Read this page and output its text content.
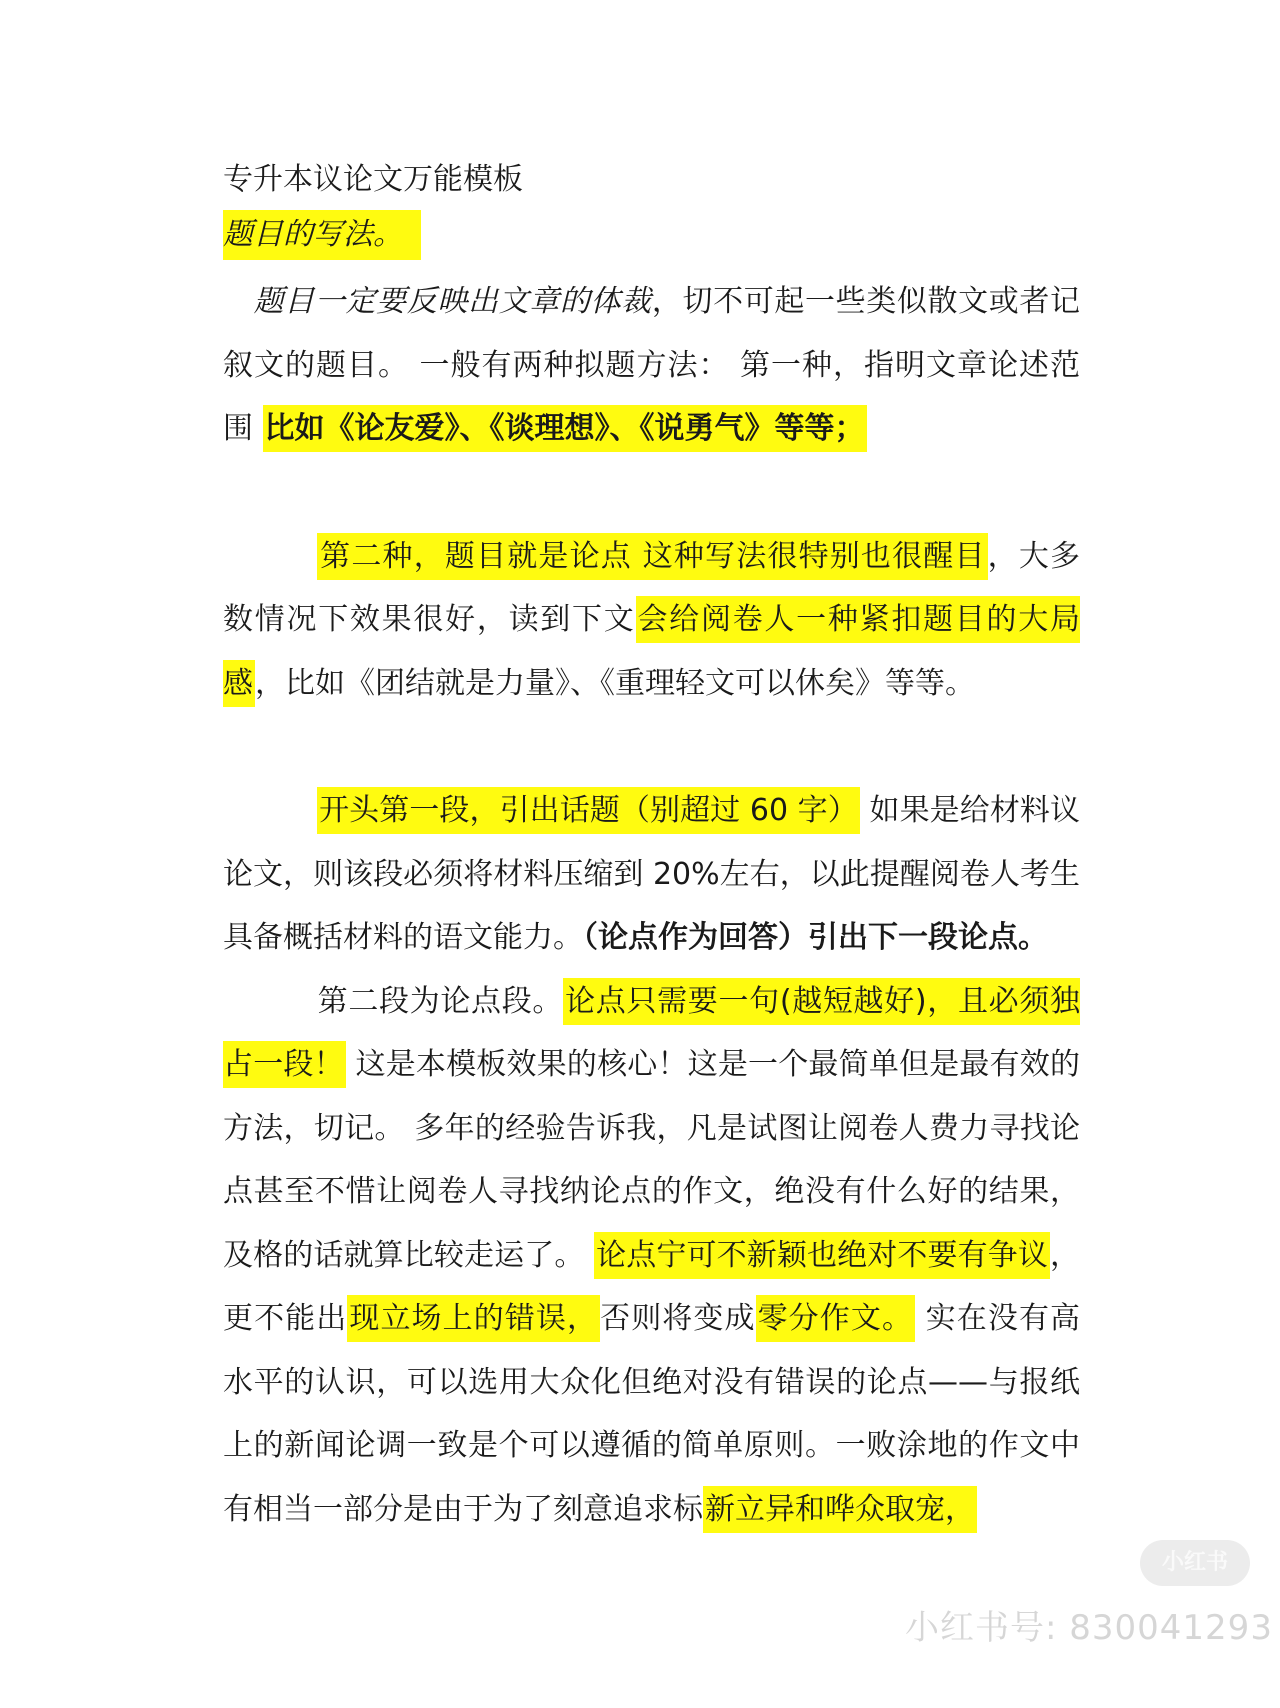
专升本议论文万能模板

题目的写法。

题目一定要反映出文章的体裁，切不可起一些类似散文或者记叙文的题目。 一般有两种拟题方法： 第一种，指明文章论述范围 比如《论友爱》、《谈理想》、《说勇气》等等；

第二种，题目就是论点 这种写法很特别也很醒目，大多数情况下效果很好，读到下文会给阅卷人一种紧扣题目的大局感，比如《团结就是力量》、《重理轻文可以休矣》等等。

开头第一段，引出话题（别超过 60 字） 如果是给材料议论文，则该段必须将材料压缩到 20%左右，以此提醒阅卷人考生具备概括材料的语文能力。（论点作为回答）引出下一段论点。

第二段为论点段。论点只需要一句(越短越好)，且必须独占一段！ 这是本模板效果的核心！这是一个最简单但是最有效的方法，切记。 多年的经验告诉我，凡是试图让阅卷人费力寻找论点甚至不惜让阅卷人寻找纳论点的作文，绝没有什么好的结果，及格的话就算比较走运了。 论点宁可不新颖也绝对不要有争议，更不能出现立场上的错误，否则将变成零分作文。 实在没有高水平的认识，可以选用大众化但绝对没有错误的论点——与报纸上的新闻论调一致是个可以遵循的简单原则。一败涂地的作文中有相当一部分是由于为了刻意追求标新立异和哗众取宠，

小红书
小红书号: 830041293
